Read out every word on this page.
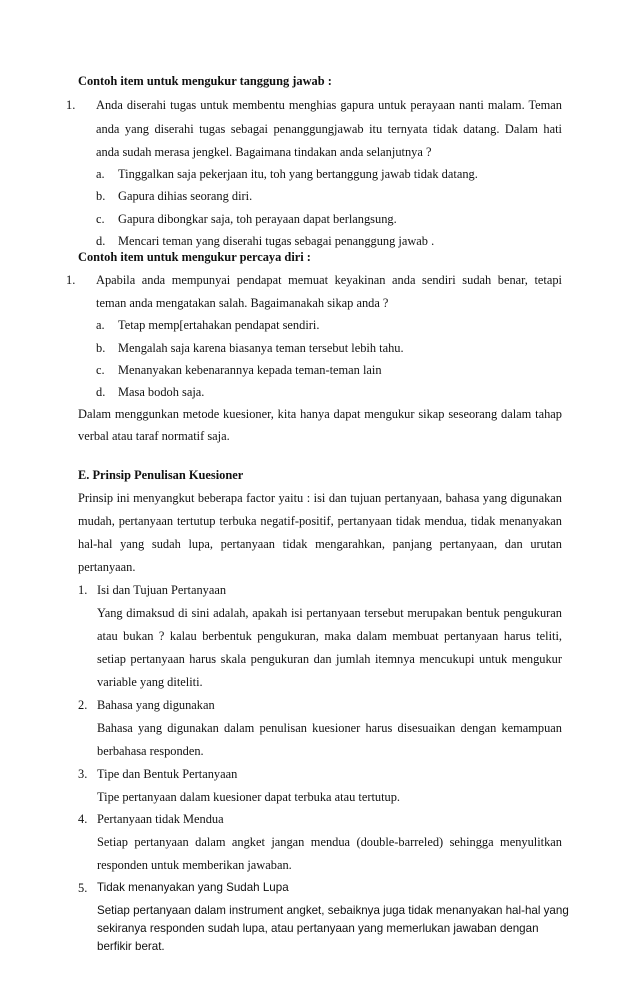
Contoh item untuk mengukur tanggung jawab :
1. Anda diserahi tugas untuk membentu menghias gapura untuk perayaan nanti malam. Teman
anda yang diserahi tugas sebagai penanggungjawab itu ternyata tidak datang. Dalam hati
anda sudah merasa jengkel. Bagaimana tindakan anda selanjutnya ?
a. Tinggalkan saja pekerjaan itu, toh yang bertanggung jawab tidak datang.
b. Gapura dihias seorang diri.
c. Gapura dibongkar saja, toh perayaan dapat berlangsung.
d. Mencari teman yang diserahi tugas sebagai penanggung jawab .
Contoh item untuk mengukur percaya diri :
1. Apabila anda mempunyai pendapat memuat keyakinan anda sendiri sudah benar, tetapi
teman anda mengatakan salah. Bagaimanakah sikap anda ?
a. Tetap memp[ertahakan pendapat sendiri.
b. Mengalah saja karena biasanya teman tersebut lebih tahu.
c. Menanyakan kebenarannya kepada teman-teman lain
d. Masa bodoh saja.
Dalam menggunkan metode kuesioner, kita hanya dapat mengukur sikap seseorang dalam tahap
verbal atau taraf normatif saja.
E. Prinsip Penulisan Kuesioner
Prinsip ini menyangkut beberapa factor yaitu : isi dan tujuan pertanyaan, bahasa yang digunakan
mudah, pertanyaan tertutup terbuka negatif-positif, pertanyaan tidak mendua, tidak menanyakan
hal-hal yang sudah lupa, pertanyaan tidak mengarahkan, panjang pertanyaan, dan urutan
pertanyaan.
1. Isi dan Tujuan Pertanyaan
Yang dimaksud di sini adalah, apakah isi pertanyaan tersebut merupakan bentuk pengukuran
atau bukan ? kalau berbentuk pengukuran, maka dalam membuat pertanyaan harus teliti,
setiap pertanyaan harus skala pengukuran dan jumlah itemnya mencukupi untuk mengukur
variable yang diteliti.
2. Bahasa yang digunakan
Bahasa yang digunakan dalam penulisan kuesioner harus disesuaikan dengan kemampuan
berbahasa responden.
3. Tipe dan Bentuk Pertanyaan
Tipe pertanyaan dalam kuesioner dapat terbuka atau tertutup.
4. Pertanyaan tidak Mendua
Setiap pertanyaan dalam angket jangan mendua (double-barreled) sehingga menyulitkan
responden untuk memberikan jawaban.
5. Tidak menanyakan yang Sudah Lupa
Setiap pertanyaan dalam instrument angket, sebaiknya juga tidak menanyakan hal-hal yang
sekiranya responden sudah lupa, atau pertanyaan yang memerlukan jawaban dengan
berfikir berat.
